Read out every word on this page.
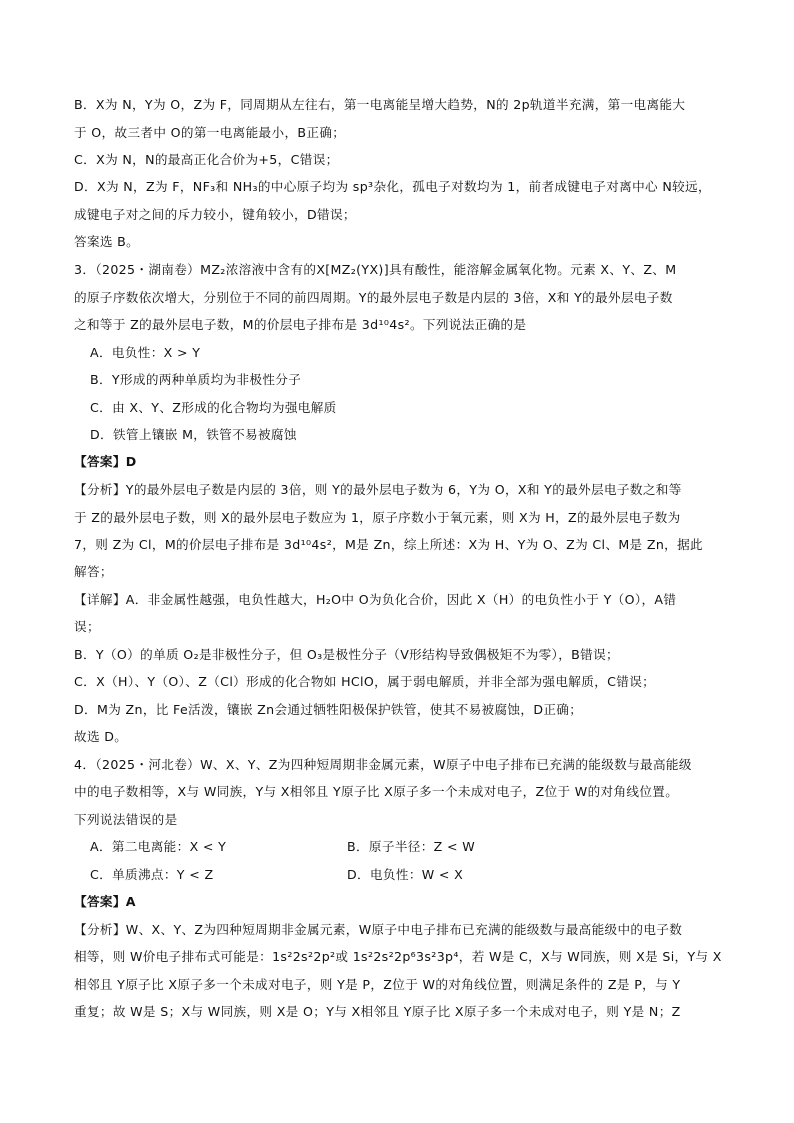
B．X为 N，Y为 O，Z为 F，同周期从左往右，第一电离能呈增大趋势，N的 2p轨道半充满，第一电离能大
于 O，故三者中 O的第一电离能最小，B正确；
C．X为 N，N的最高正化合价为+5，C错误；
D．X为 N，Z为 F，NF₃和 NH₃的中心原子均为 sp³杂化，孤电子对数均为 1，前者成键电子对离中心 N较远，
成键电子对之间的斥力较小，键角较小，D错误；
答案选 B。
3．（2025・湖南卷）MZ₂浓溶液中含有的X[MZ₂(YX)]具有酸性，能溶解金属氧化物。元素 X、Y、Z、M
的原子序数依次增大，分别位于不同的前四周期。Y的最外层电子数是内层的 3倍，X和 Y的最外层电子数
之和等于 Z的最外层电子数，M的价层电子排布是 3d¹⁰4s²。下列说法正确的是
A．电负性：X > Y
B．Y形成的两种单质均为非极性分子
C．由 X、Y、Z形成的化合物均为强电解质
D．铁管上镶嵌 M，铁管不易被腐蚀
【答案】D
【分析】Y的最外层电子数是内层的 3倍，则 Y的最外层电子数为 6，Y为 O，X和 Y的最外层电子数之和等
于 Z的最外层电子数，则 X的最外层电子数应为 1，原子序数小于氧元素，则 X为 H，Z的最外层电子数为
7，则 Z为 Cl，M的价层电子排布是 3d¹⁰4s²，M是 Zn，综上所述：X为 H、Y为 O、Z为 Cl、M是 Zn，据此
解答；
【详解】A．非金属性越强，电负性越大，H₂O中 O为负化合价，因此 X（H）的电负性小于 Y（O），A错
误；
B．Y（O）的单质 O₂是非极性分子，但 O₃是极性分子（V形结构导致偶极矩不为零），B错误；
C．X（H）、Y（O）、Z（Cl）形成的化合物如 HClO，属于弱电解质，并非全部为强电解质，C错误；
D．M为 Zn，比 Fe活泼，镶嵌 Zn会通过牺牲阳极保护铁管，使其不易被腐蚀，D正确；
故选 D。
4．（2025・河北卷）W、X、Y、Z为四种短周期非金属元素，W原子中电子排布已充满的能级数与最高能级
中的电子数相等，X与 W同族，Y与 X相邻且 Y原子比 X原子多一个未成对电子，Z位于 W的对角线位置。
下列说法错误的是
A．第二电离能：X < Y	B．原子半径：Z < W
C．单质沸点：Y < Z	D．电负性：W < X
【答案】A
【分析】W、X、Y、Z为四种短周期非金属元素，W原子中电子排布已充满的能级数与最高能级中的电子数
相等，则 W价电子排布式可能是：1s²2s²2p²或 1s²2s²2p⁶3s²3p⁴，若 W是 C，X与 W同族，则 X是 Si，Y与 X
相邻且 Y原子比 X原子多一个未成对电子，则 Y是 P，Z位于 W的对角线位置，则满足条件的 Z是 P，与 Y
重复；故 W是 S；X与 W同族，则 X是 O；Y与 X相邻且 Y原子比 X原子多一个未成对电子，则 Y是 N；Z
